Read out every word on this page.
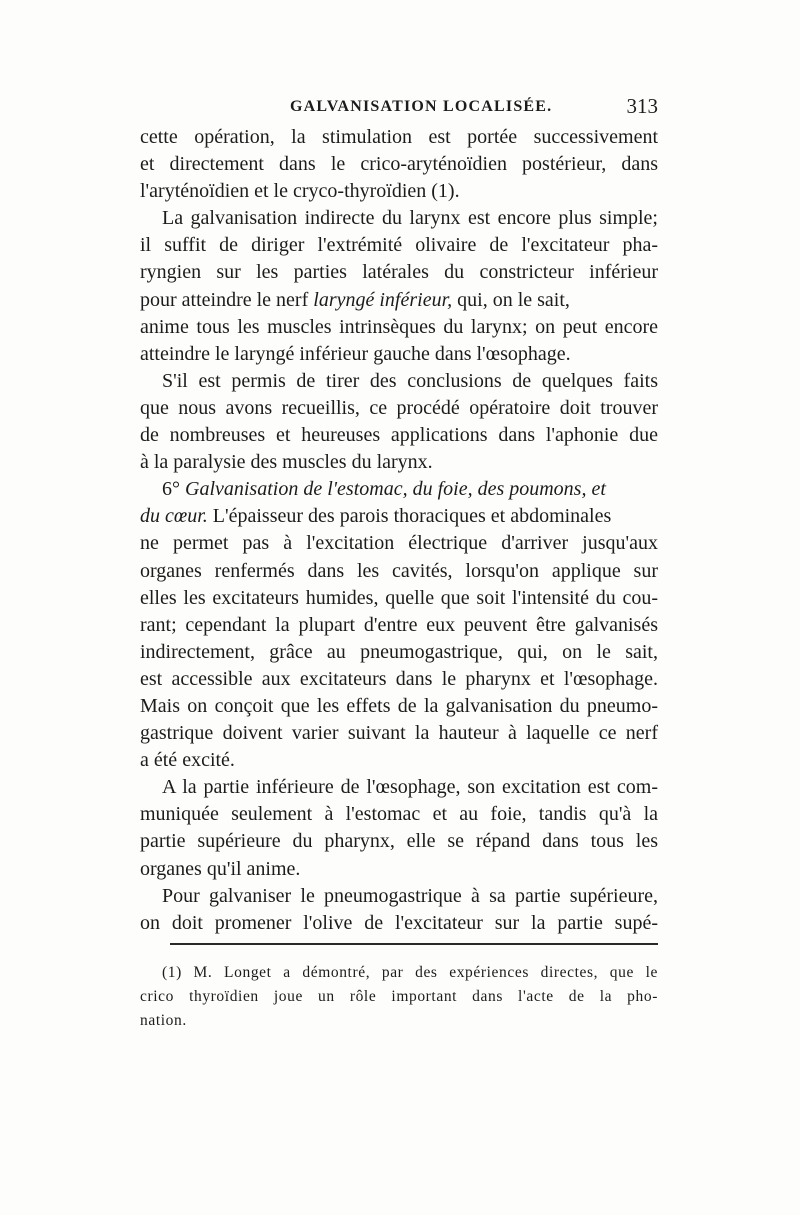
GALVANISATION LOCALISÉE.	313
cette opération, la stimulation est portée successivement
et directement dans le crico-aryténoïdien postérieur, dans
l'aryténoïdien et le cryco-thyroïdien (1).
La galvanisation indirecte du larynx est encore plus simple;
il suffit de diriger l'extrémité olivaire de l'excitateur pha-
ryngien sur les parties latérales du constricteur inférieur
pour atteindre le nerf laryngé inférieur, qui, on le sait,
anime tous les muscles intrinsèques du larynx; on peut encore
atteindre le laryngé inférieur gauche dans l'œsophage.
S'il est permis de tirer des conclusions de quelques faits
que nous avons recueillis, ce procédé opératoire doit trouver
de nombreuses et heureuses applications dans l'aphonie due
à la paralysie des muscles du larynx.
6° Galvanisation de l'estomac, du foie, des poumons, et
du cœur. L'épaisseur des parois thoraciques et abdominales
ne permet pas à l'excitation électrique d'arriver jusqu'aux
organes renfermés dans les cavités, lorsqu'on applique sur
elles les excitateurs humides, quelle que soit l'intensité du cou-
rant; cependant la plupart d'entre eux peuvent être galvanisés
indirectement, grâce au pneumogastrique, qui, on le sait,
est accessible aux excitateurs dans le pharynx et l'œsophage.
Mais on conçoit que les effets de la galvanisation du pneumo-
gastrique doivent varier suivant la hauteur à laquelle ce nerf
a été excité.
A la partie inférieure de l'œsophage, son excitation est com-
muniquée seulement à l'estomac et au foie, tandis qu'à la
partie supérieure du pharynx, elle se répand dans tous les
organes qu'il anime.
Pour galvaniser le pneumogastrique à sa partie supérieure,
on doit promener l'olive de l'excitateur sur la partie supé-
(1) M. Longet a démontré, par des expériences directes, que le
crico thyroïdien joue un rôle important dans l'acte de la pho-
nation.
